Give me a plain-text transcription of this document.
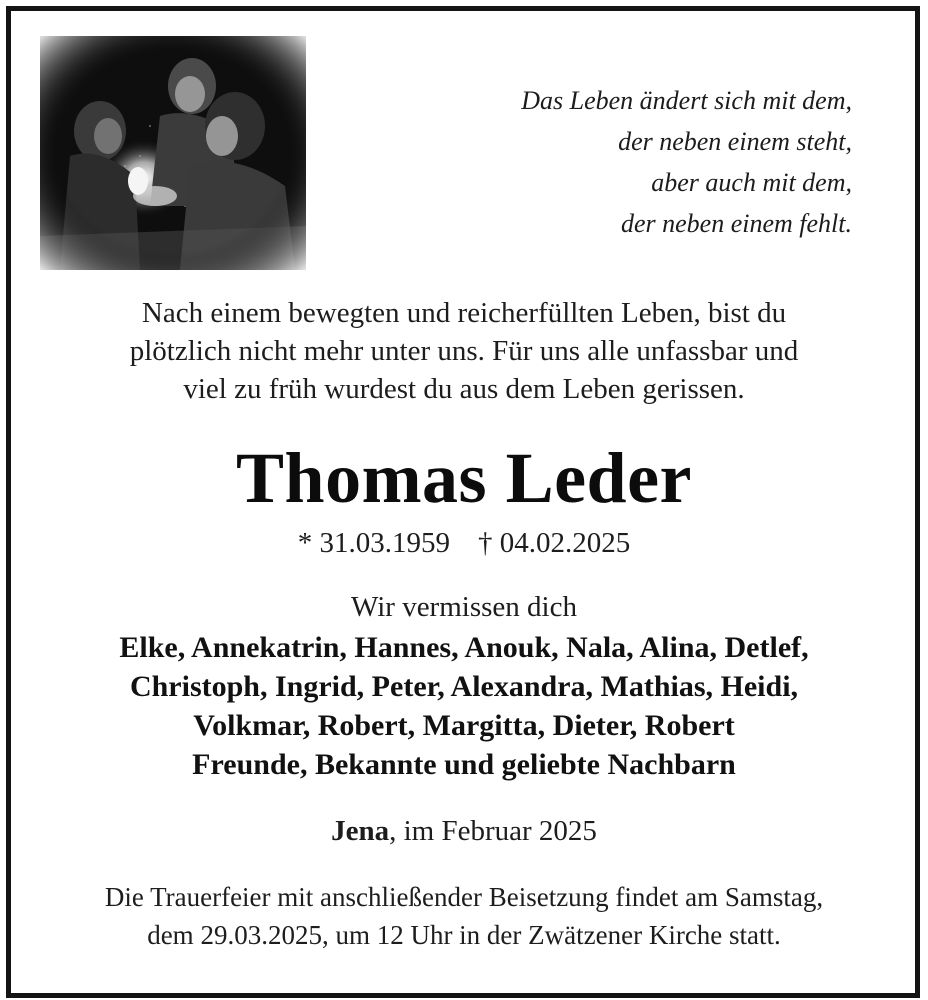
Das Leben ändert sich mit dem,
der neben einem steht,
aber auch mit dem,
der neben einem fehlt.
Nach einem bewegten und reicherfüllten Leben, bist du
plötzlich nicht mehr unter uns. Für uns alle unfassbar und
viel zu früh wurdest du aus dem Leben gerissen.
Thomas Leder
* 31.03.1959 † 04.02.2025
Wir vermissen dich
Elke, Annekatrin, Hannes, Anouk, Nala, Alina, Detlef,
Christoph, Ingrid, Peter, Alexandra, Mathias, Heidi,
Volkmar, Robert, Margitta, Dieter, Robert
Freunde, Bekannte und geliebte Nachbarn
Jena, im Februar 2025
Die Trauerfeier mit anschließender Beisetzung findet am Samstag,
dem 29.03.2025, um 12 Uhr in der Zwätzener Kirche statt.
